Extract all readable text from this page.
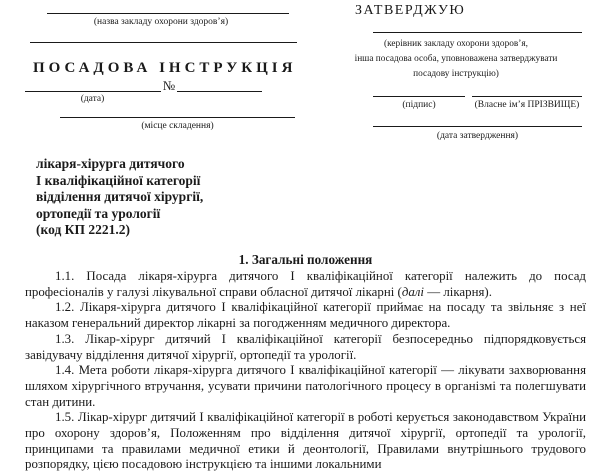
(назва закладу охорони здоров’я)
ПОСАДОВА ІНСТРУКЦІЯ
№
(дата)
(місце складення)
ЗАТВЕРДЖУЮ
(керівник закладу охорони здоров’я,
інша посадова особа, уповноважена затверджувати
посадову інструкцію)
(підпис)	(Власне ім’я ПРІЗВИЩЕ)
(дата затвердження)
лікаря-хірурга дитячого
І кваліфікаційної категорії
відділення дитячої хірургії,
ортопедії та урології
(код КП 2221.2)
1. Загальні положення

1.1. Посада лікаря-хірурга дитячого І кваліфікаційної категорії належить до посад професіоналів у галузі лікувальної справи обласної дитячої лікарні (далі — лікарня).

1.2. Лікаря-хірурга дитячого І кваліфікаційної категорії приймає на посаду та звільняє з неї наказом генеральний директор лікарні за погодженням медичного директора.

1.3. Лікар-хірург дитячий І кваліфікаційної категорії безпосередньо підпорядковується завідувачу відділення дитячої хірургії, ортопедії та урології.

1.4. Мета роботи лікаря-хірурга дитячого І кваліфікаційної категорії — лікувати захворювання шляхом хірургічного втручання, усувати причини патологічного процесу в організмі та полегшувати стан дитини.

1.5. Лікар-хірург дитячий І кваліфікаційної категорії в роботі керується законодавством України про охорону здоров’я, Положенням про відділення дитячої хірургії, ортопедії та урології, принципами та правилами медичної етики й деонтології, Правилами внутрішнього трудового розпорядку, цією посадовою інструкцією та іншими локальними
